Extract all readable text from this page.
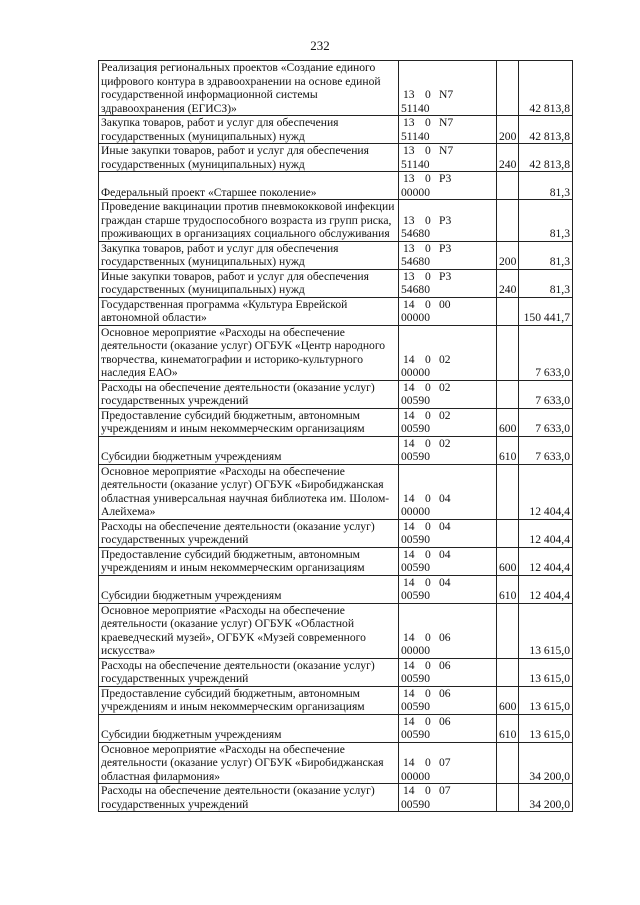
232
Реализация региональных проектов «Создание единого цифрового контура в здравоохранении на основе единой государственной информационной системы здравоохранения (ЕГИСЗ)»	13 0 N751140		42 813,8
Закупка товаров, работ и услуг для обеспечения государственных (муниципальных) нужд	13 0 N751140	200	42 813,8
Иные закупки товаров, работ и услуг для обеспечения государственных (муниципальных) нужд	13 0 N751140	240	42 813,8
Федеральный проект «Старшее поколение»	13 0 P300000		81,3
Проведение вакцинации против пневмококковой инфекции граждан старше трудоспособного возраста из групп риска, проживающих в организациях социального обслуживания	13 0 P354680		81,3
Закупка товаров, работ и услуг для обеспечения государственных (муниципальных) нужд	13 0 P354680	200	81,3
Иные закупки товаров, работ и услуг для обеспечения государственных (муниципальных) нужд	13 0 P354680	240	81,3
Государственная программа «Культура Еврейской автономной области»	14 0 0000000		150 441,7
Основное мероприятие «Расходы на обеспечение деятельности (оказание услуг) ОГБУК «Центр народного творчества, кинематографии и историко-культурного наследия ЕАО»	14 0 0200000		7 633,0
Расходы на обеспечение деятельности (оказание услуг) государственных учреждений	14 0 0200590		7 633,0
Предоставление субсидий бюджетным, автономным учреждениям и иным некоммерческим организациям	14 0 0200590	600	7 633,0
Субсидии бюджетным учреждениям	14 0 0200590	610	7 633,0
Основное мероприятие «Расходы на обеспечение деятельности (оказание услуг) ОГБУК «Биробиджанская областная универсальная научная библиотека им. Шолом-Алейхема»	14 0 0400000		12 404,4
Расходы на обеспечение деятельности (оказание услуг) государственных учреждений	14 0 0400590		12 404,4
Предоставление субсидий бюджетным, автономным учреждениям и иным некоммерческим организациям	14 0 0400590	600	12 404,4
Субсидии бюджетным учреждениям	14 0 0400590	610	12 404,4
Основное мероприятие «Расходы на обеспечение деятельности (оказание услуг) ОГБУК «Областной краеведческий музей», ОГБУК «Музей современного искусства»	14 0 0600000		13 615,0
Расходы на обеспечение деятельности (оказание услуг) государственных учреждений	14 0 0600590		13 615,0
Предоставление субсидий бюджетным, автономным учреждениям и иным некоммерческим организациям	14 0 0600590	600	13 615,0
Субсидии бюджетным учреждениям	14 0 0600590	610	13 615,0
Основное мероприятие «Расходы на обеспечение деятельности (оказание услуг) ОГБУК «Биробиджанская областная филармония»	14 0 0700000		34 200,0
Расходы на обеспечение деятельности (оказание услуг) государственных учреждений	14 0 0700590		34 200,0
